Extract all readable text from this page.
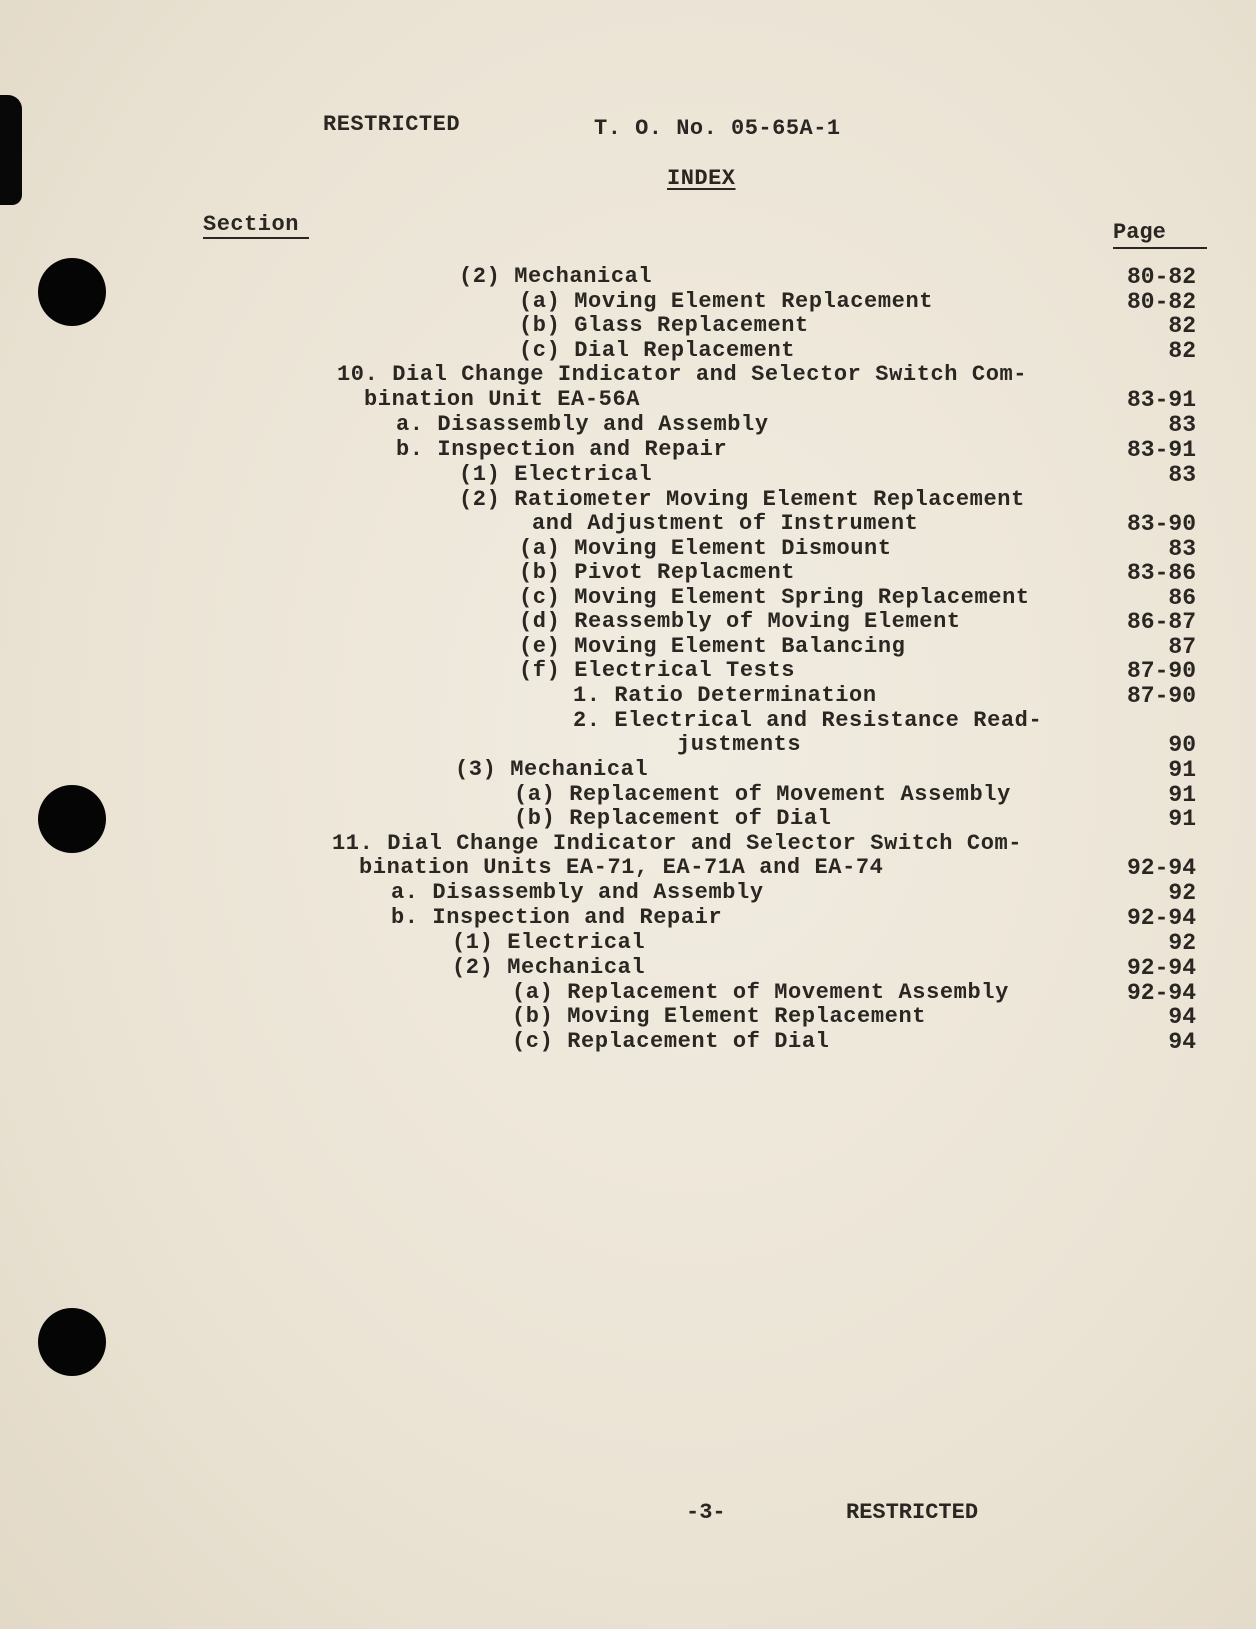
RESTRICTED	T. O. No. 05-65A-1
INDEX
Section	Page
(2) Mechanical	80-82
(a) Moving Element Replacement	80-82
(b) Glass Replacement	82
(c) Dial Replacement	82
10. Dial Change Indicator and Selector Switch Com-
bination Unit EA-56A	83-91
a. Disassembly and Assembly	83
b. Inspection and Repair	83-91
(1) Electrical	83
(2) Ratiometer Moving Element Replacement
and Adjustment of Instrument	83-90
(a) Moving Element Dismount	83
(b) Pivot Replacment	83-86
(c) Moving Element Spring Replacement	86
(d) Reassembly of Moving Element	86-87
(e) Moving Element Balancing	87
(f) Electrical Tests	87-90
1. Ratio Determination	87-90
2. Electrical and Resistance Read-
justments	90
(3) Mechanical	91
(a) Replacement of Movement Assembly	91
(b) Replacement of Dial	91
11. Dial Change Indicator and Selector Switch Com-
bination Units EA-71, EA-71A and EA-74	92-94
a. Disassembly and Assembly	92
b. Inspection and Repair	92-94
(1) Electrical	92
(2) Mechanical	92-94
(a) Replacement of Movement Assembly	92-94
(b) Moving Element Replacement	94
(c) Replacement of Dial	94
-3-	RESTRICTED
